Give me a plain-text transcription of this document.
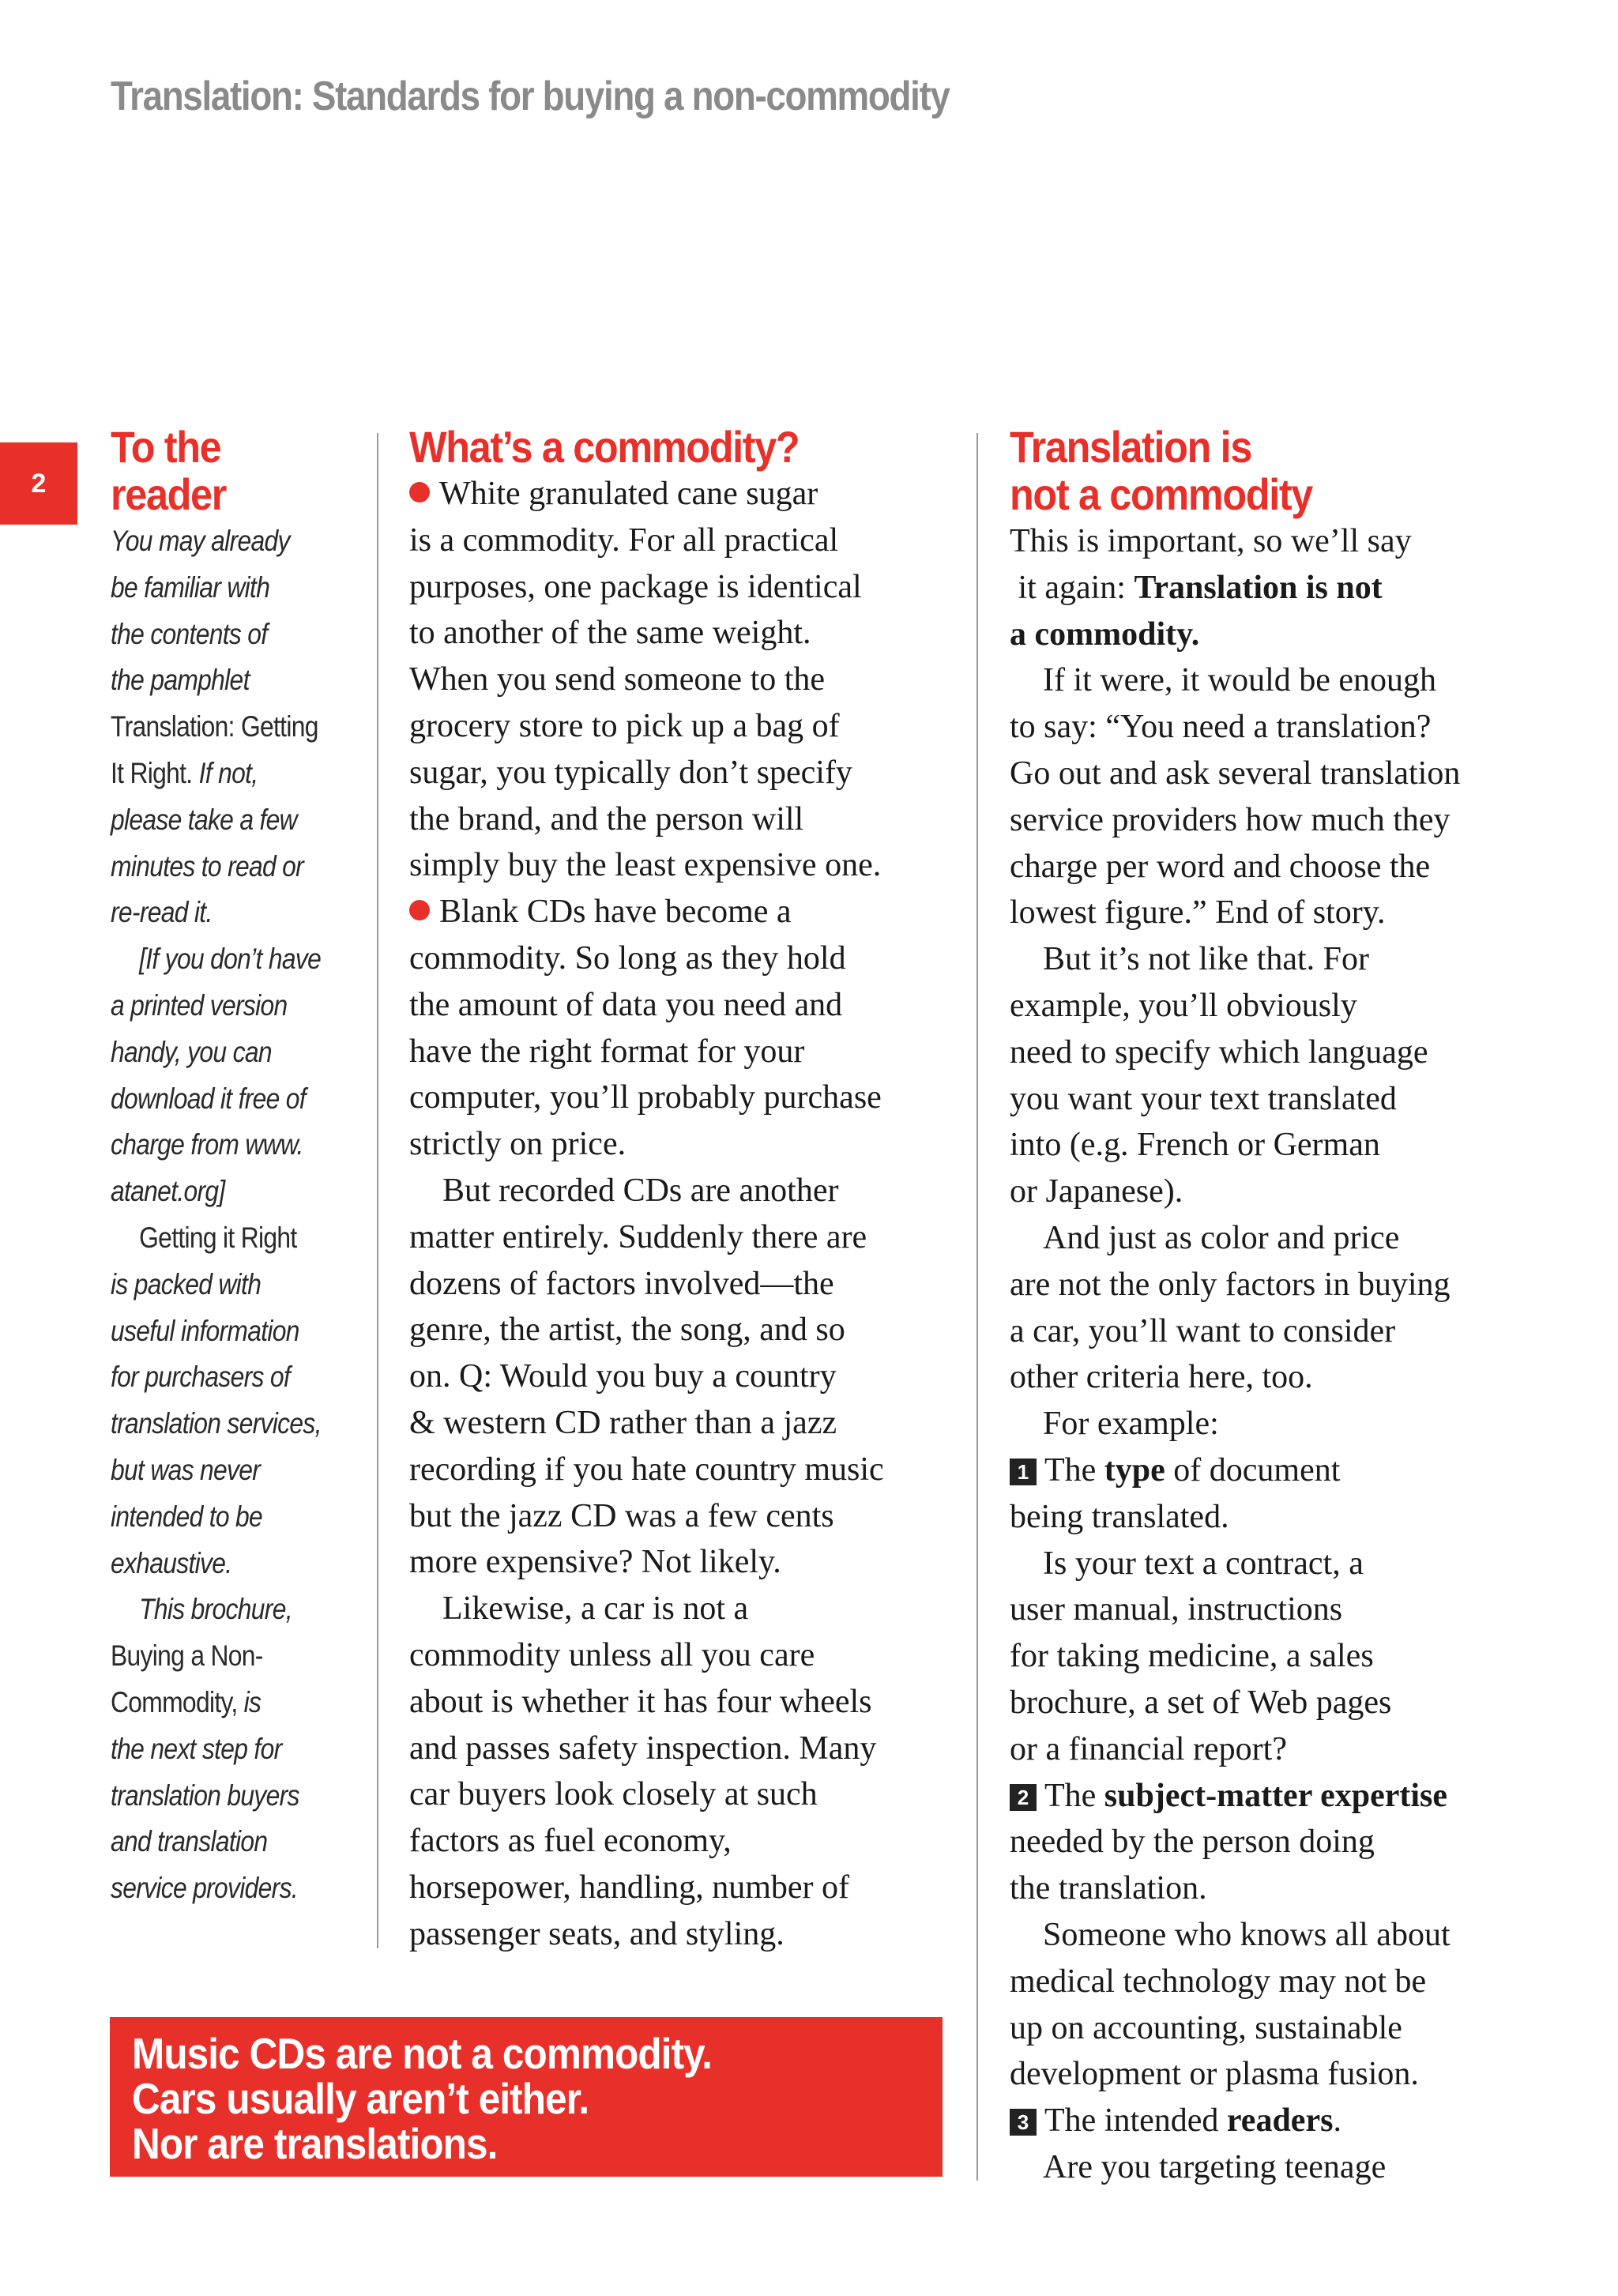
Translation: Standards for buying a non-commodity
2
To the
reader
You may already
be familiar with
the contents of
the pamphlet
Translation: Getting
It Right. If not,
please take a few
minutes to read or
re-read it.
[If you don’t have
a printed version
handy, you can
download it free of
charge from www.
atanet.org]
Getting it Right
is packed with
useful information
for purchasers of
translation services,
but was never
intended to be
exhaustive.
This brochure,
Buying a Non-
Commodity, is
the next step for
translation buyers
and translation
service providers.
What’s a commodity?
White granulated cane sugar
is a commodity. For all practical
purposes, one package is identical
to another of the same weight.
When you send someone to the
grocery store to pick up a bag of
sugar, you typically don’t specify
the brand, and the person will
simply buy the least expensive one.
Blank CDs have become a
commodity. So long as they hold
the amount of data you need and
have the right format for your
computer, you’ll probably purchase
strictly on price.
But recorded CDs are another
matter entirely. Suddenly there are
dozens of factors involved—the
genre, the artist, the song, and so
on. Q: Would you buy a country
& western CD rather than a jazz
recording if you hate country music
but the jazz CD was a few cents
more expensive? Not likely.
Likewise, a car is not a
commodity unless all you care
about is whether it has four wheels
and passes safety inspection. Many
car buyers look closely at such
factors as fuel economy,
horsepower, handling, number of
passenger seats, and styling.
Music CDs are not a commodity.
Cars usually aren’t either.
Nor are translations.
Translation is
not a commodity
This is important, so we’ll say
it again: Translation is not
a commodity.
If it were, it would be enough
to say: “You need a translation?
Go out and ask several translation
service providers how much they
charge per word and choose the
lowest figure.” End of story.
But it’s not like that. For
example, you’ll obviously
need to specify which language
you want your text translated
into (e.g. French or German
or Japanese).
And just as color and price
are not the only factors in buying
a car, you’ll want to consider
other criteria here, too.
For example:
1 The type of document
being translated.
Is your text a contract, a
user manual, instructions
for taking medicine, a sales
brochure, a set of Web pages
or a financial report?
2 The subject-matter expertise
needed by the person doing
the translation.
Someone who knows all about
medical technology may not be
up on accounting, sustainable
development or plasma fusion.
3 The intended readers.
Are you targeting teenage
